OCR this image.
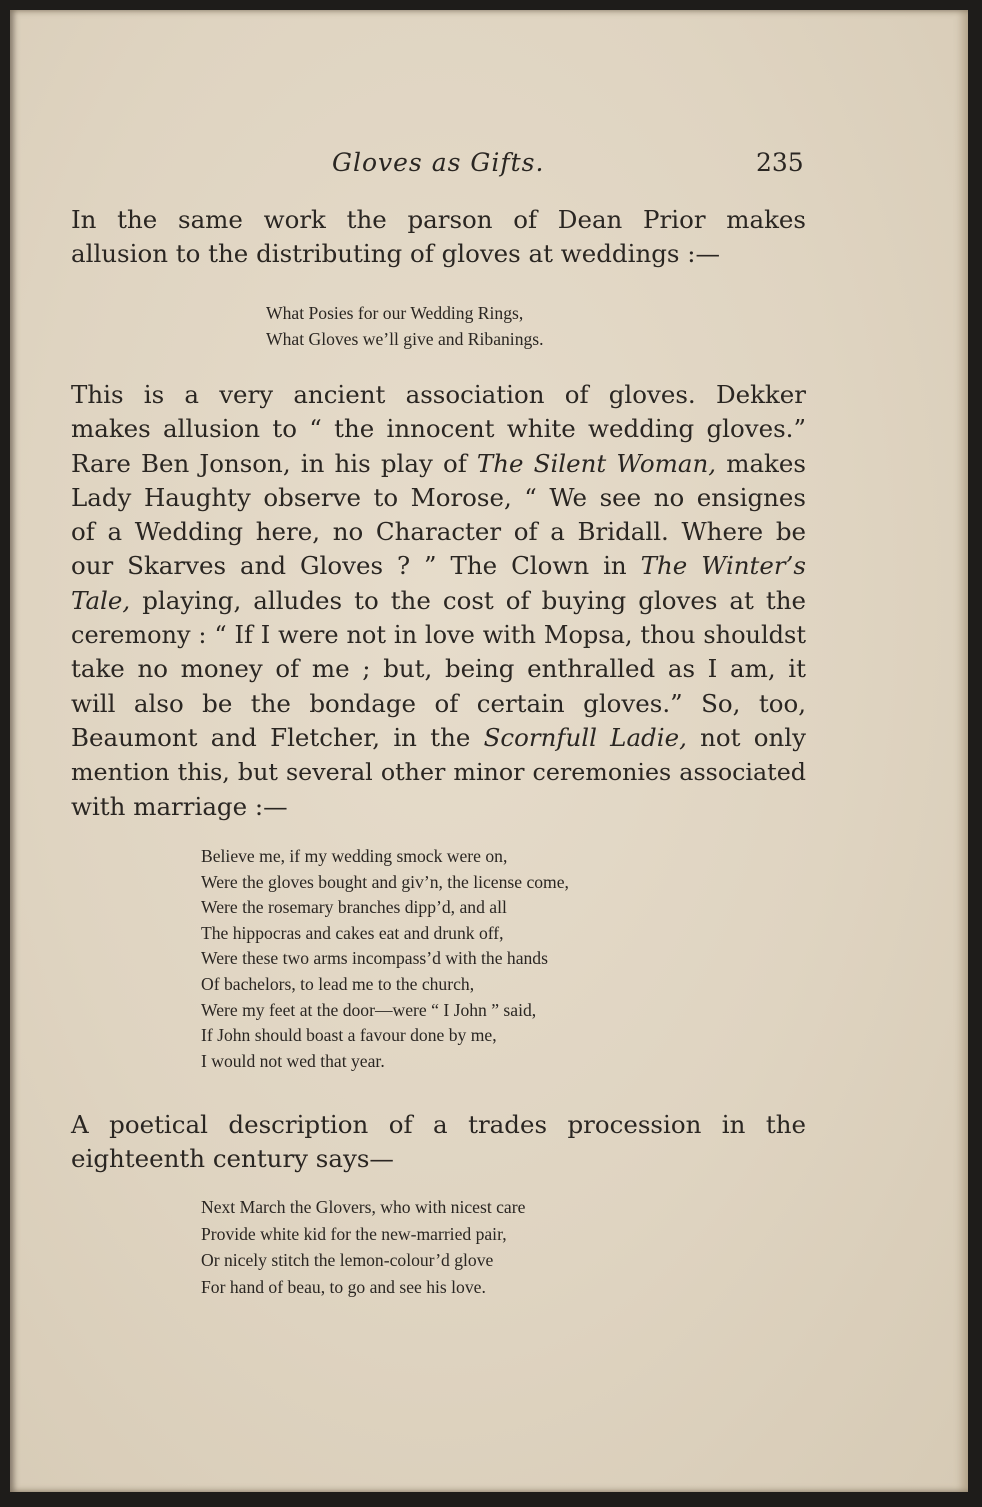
Gloves as Gifts.	235
In the same work the parson of Dean Prior makes
allusion to the distributing of gloves at weddings :—
What Posies for our Wedding Rings,
What Gloves we’ll give and Ribanings.
This is a very ancient association of gloves. Dekker
makes allusion to “ the innocent white wedding gloves.”
Rare Ben Jonson, in his play of The Silent Woman, makes
Lady Haughty observe to Morose, “ We see no ensignes
of a Wedding here, no Character of a Bridall. Where be
our Skarves and Gloves ? ” The Clown in The Winter’s
Tale, playing, alludes to the cost of buying gloves at the
ceremony : “ If I were not in love with Mopsa, thou shouldst
take no money of me ; but, being enthralled as I am, it
will also be the bondage of certain gloves.” So, too,
Beaumont and Fletcher, in the Scornfull Ladie, not only
mention this, but several other minor ceremonies associated
with marriage :—
Believe me, if my wedding smock were on,
Were the gloves bought and giv’n, the license come,
Were the rosemary branches dipp’d, and all
The hippocras and cakes eat and drunk off,
Were these two arms incompass’d with the hands
Of bachelors, to lead me to the church,
Were my feet at the door—were “ I John ” said,
If John should boast a favour done by me,
I would not wed that year.
A poetical description of a trades procession in the
eighteenth century says—
Next March the Glovers, who with nicest care
Provide white kid for the new-married pair,
Or nicely stitch the lemon-colour’d glove
For hand of beau, to go and see his love.
